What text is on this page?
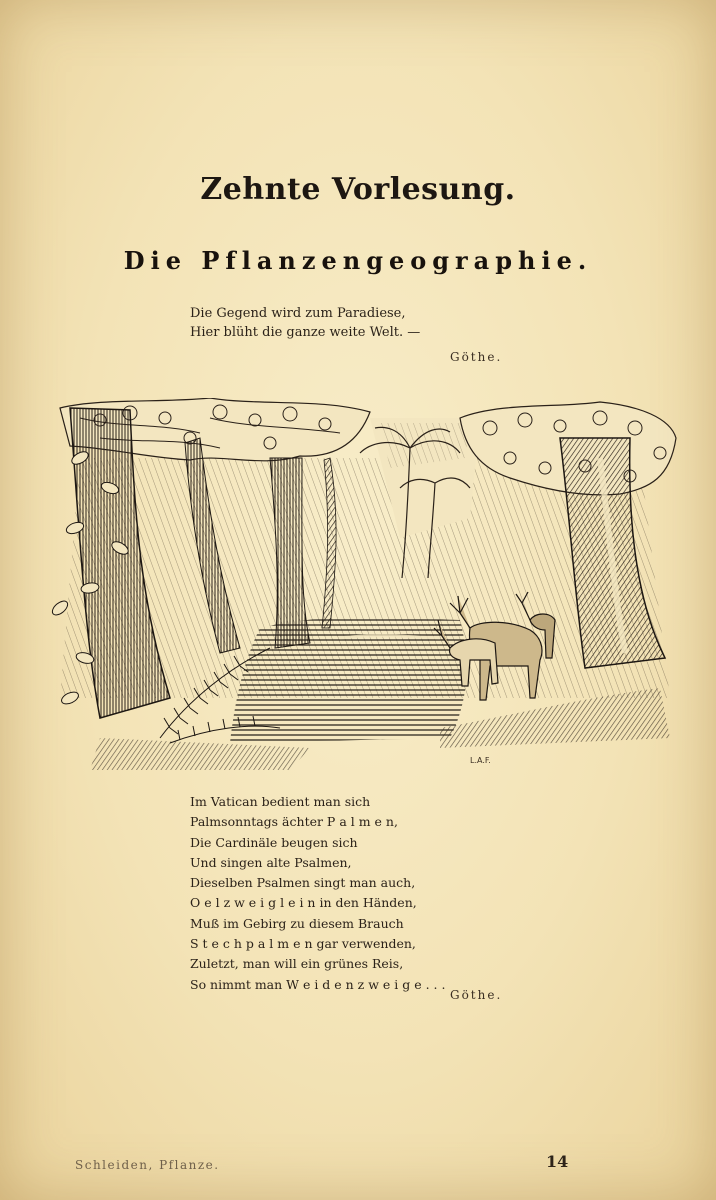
Zehnte Vorlesung.
Die Pflanzengeographie.
Die Gegend wird zum Paradiese,
Hier blüht die ganze weite Welt. —
Göthe.
L.A.F.
Im Vatican bedient man sich
Palmsonntags ächter P a l m e n,
Die Cardinäle beugen sich
Und singen alte Psalmen,
Dieselben Psalmen singt man auch,
O e l z w e i g l e i n in den Händen,
Muß im Gebirg zu diesem Brauch
S t e c h p a l m e n gar verwenden,
Zuletzt, man will ein grünes Reis,
So nimmt man W e i d e n z w e i g e . . .
Göthe.
Schleiden, Pflanze.	14
